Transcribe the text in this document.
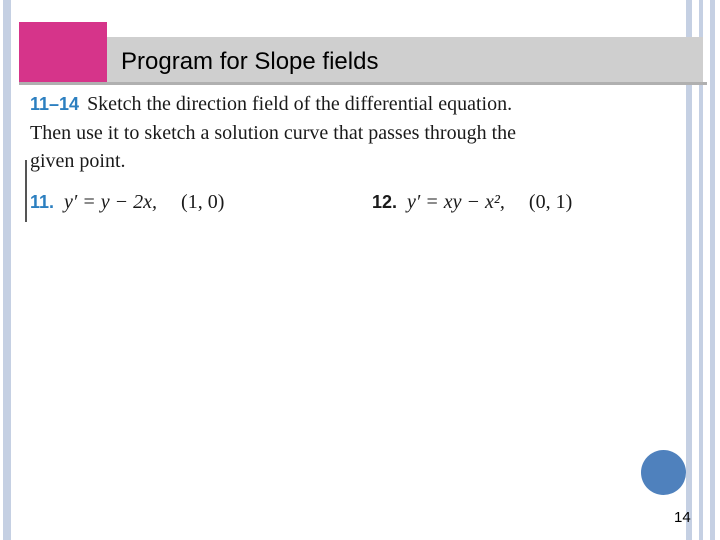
Program for Slope fields
11–14 Sketch the direction field of the differential equation.
Then use it to sketch a solution curve that passes through the
given point.
11. y′ = y − 2x, (1, 0)	12. y′ = xy − x², (0, 1)
14
